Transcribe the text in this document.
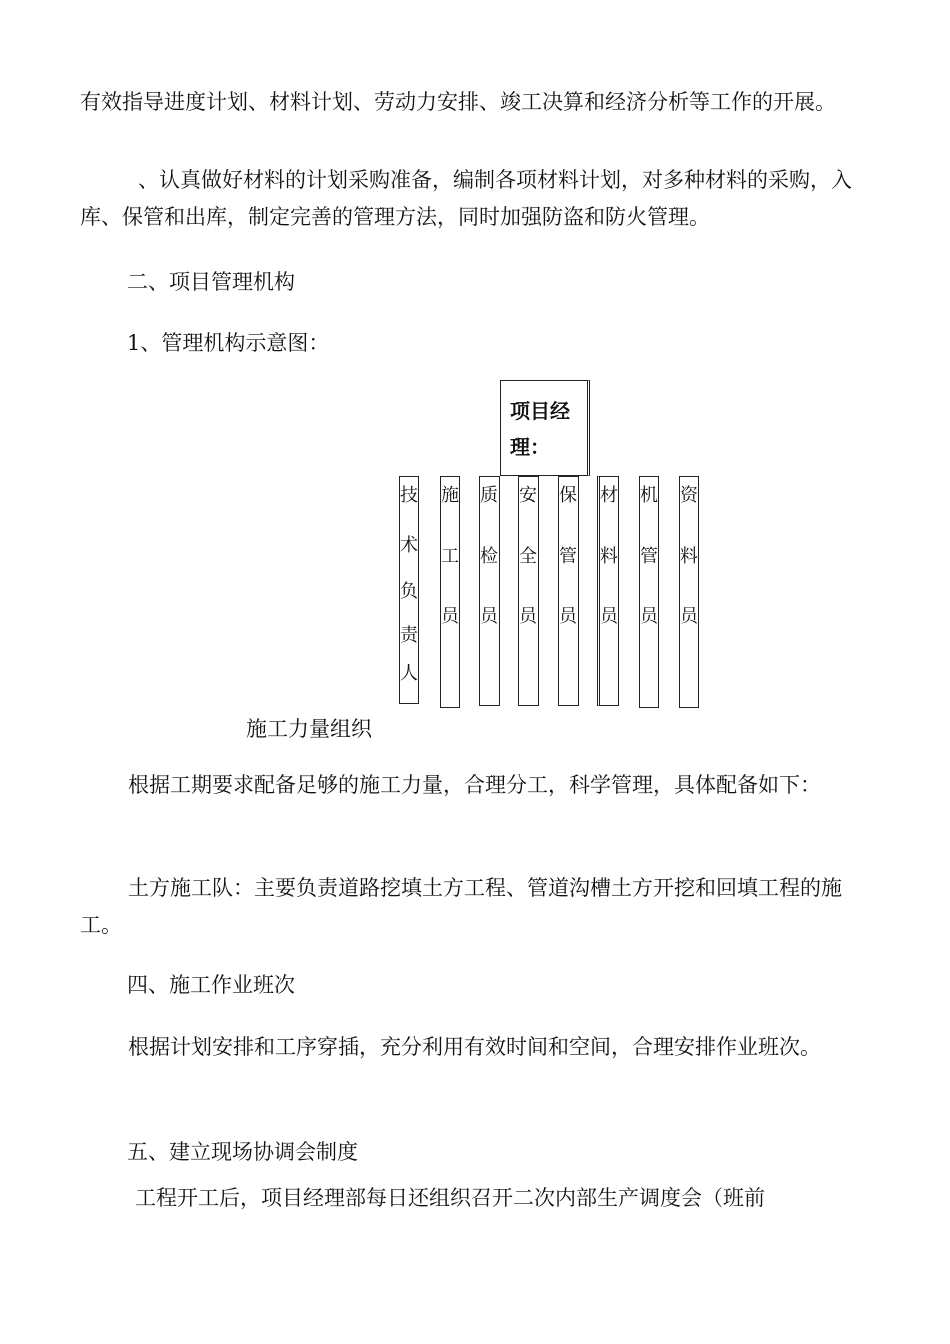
有效指导进度计划、材料计划、劳动力安排、竣工决算和经济分析等工作的开展。

、认真做好材料的计划采购准备，编制各项材料计划，对多种材料的采购，入库、保管和出库，制定完善的管理方法，同时加强防盗和防火管理。

二、项目管理机构

1、管理机构示意图：

项目经
理：
技
术
负
责
人
施
工
员
质
检
员
安
全
员
保
管
员
材
料
员
机
管
员
资
料
员

施工力量组织

根据工期要求配备足够的施工力量，合理分工，科学管理，具体配备如下：

土方施工队：主要负责道路挖填土方工程、管道沟槽土方开挖和回填工程的施工。

四、施工作业班次

根据计划安排和工序穿插，充分利用有效时间和空间，合理安排作业班次。

五、建立现场协调会制度

工程开工后，项目经理部每日还组织召开二次内部生产调度会（班前
